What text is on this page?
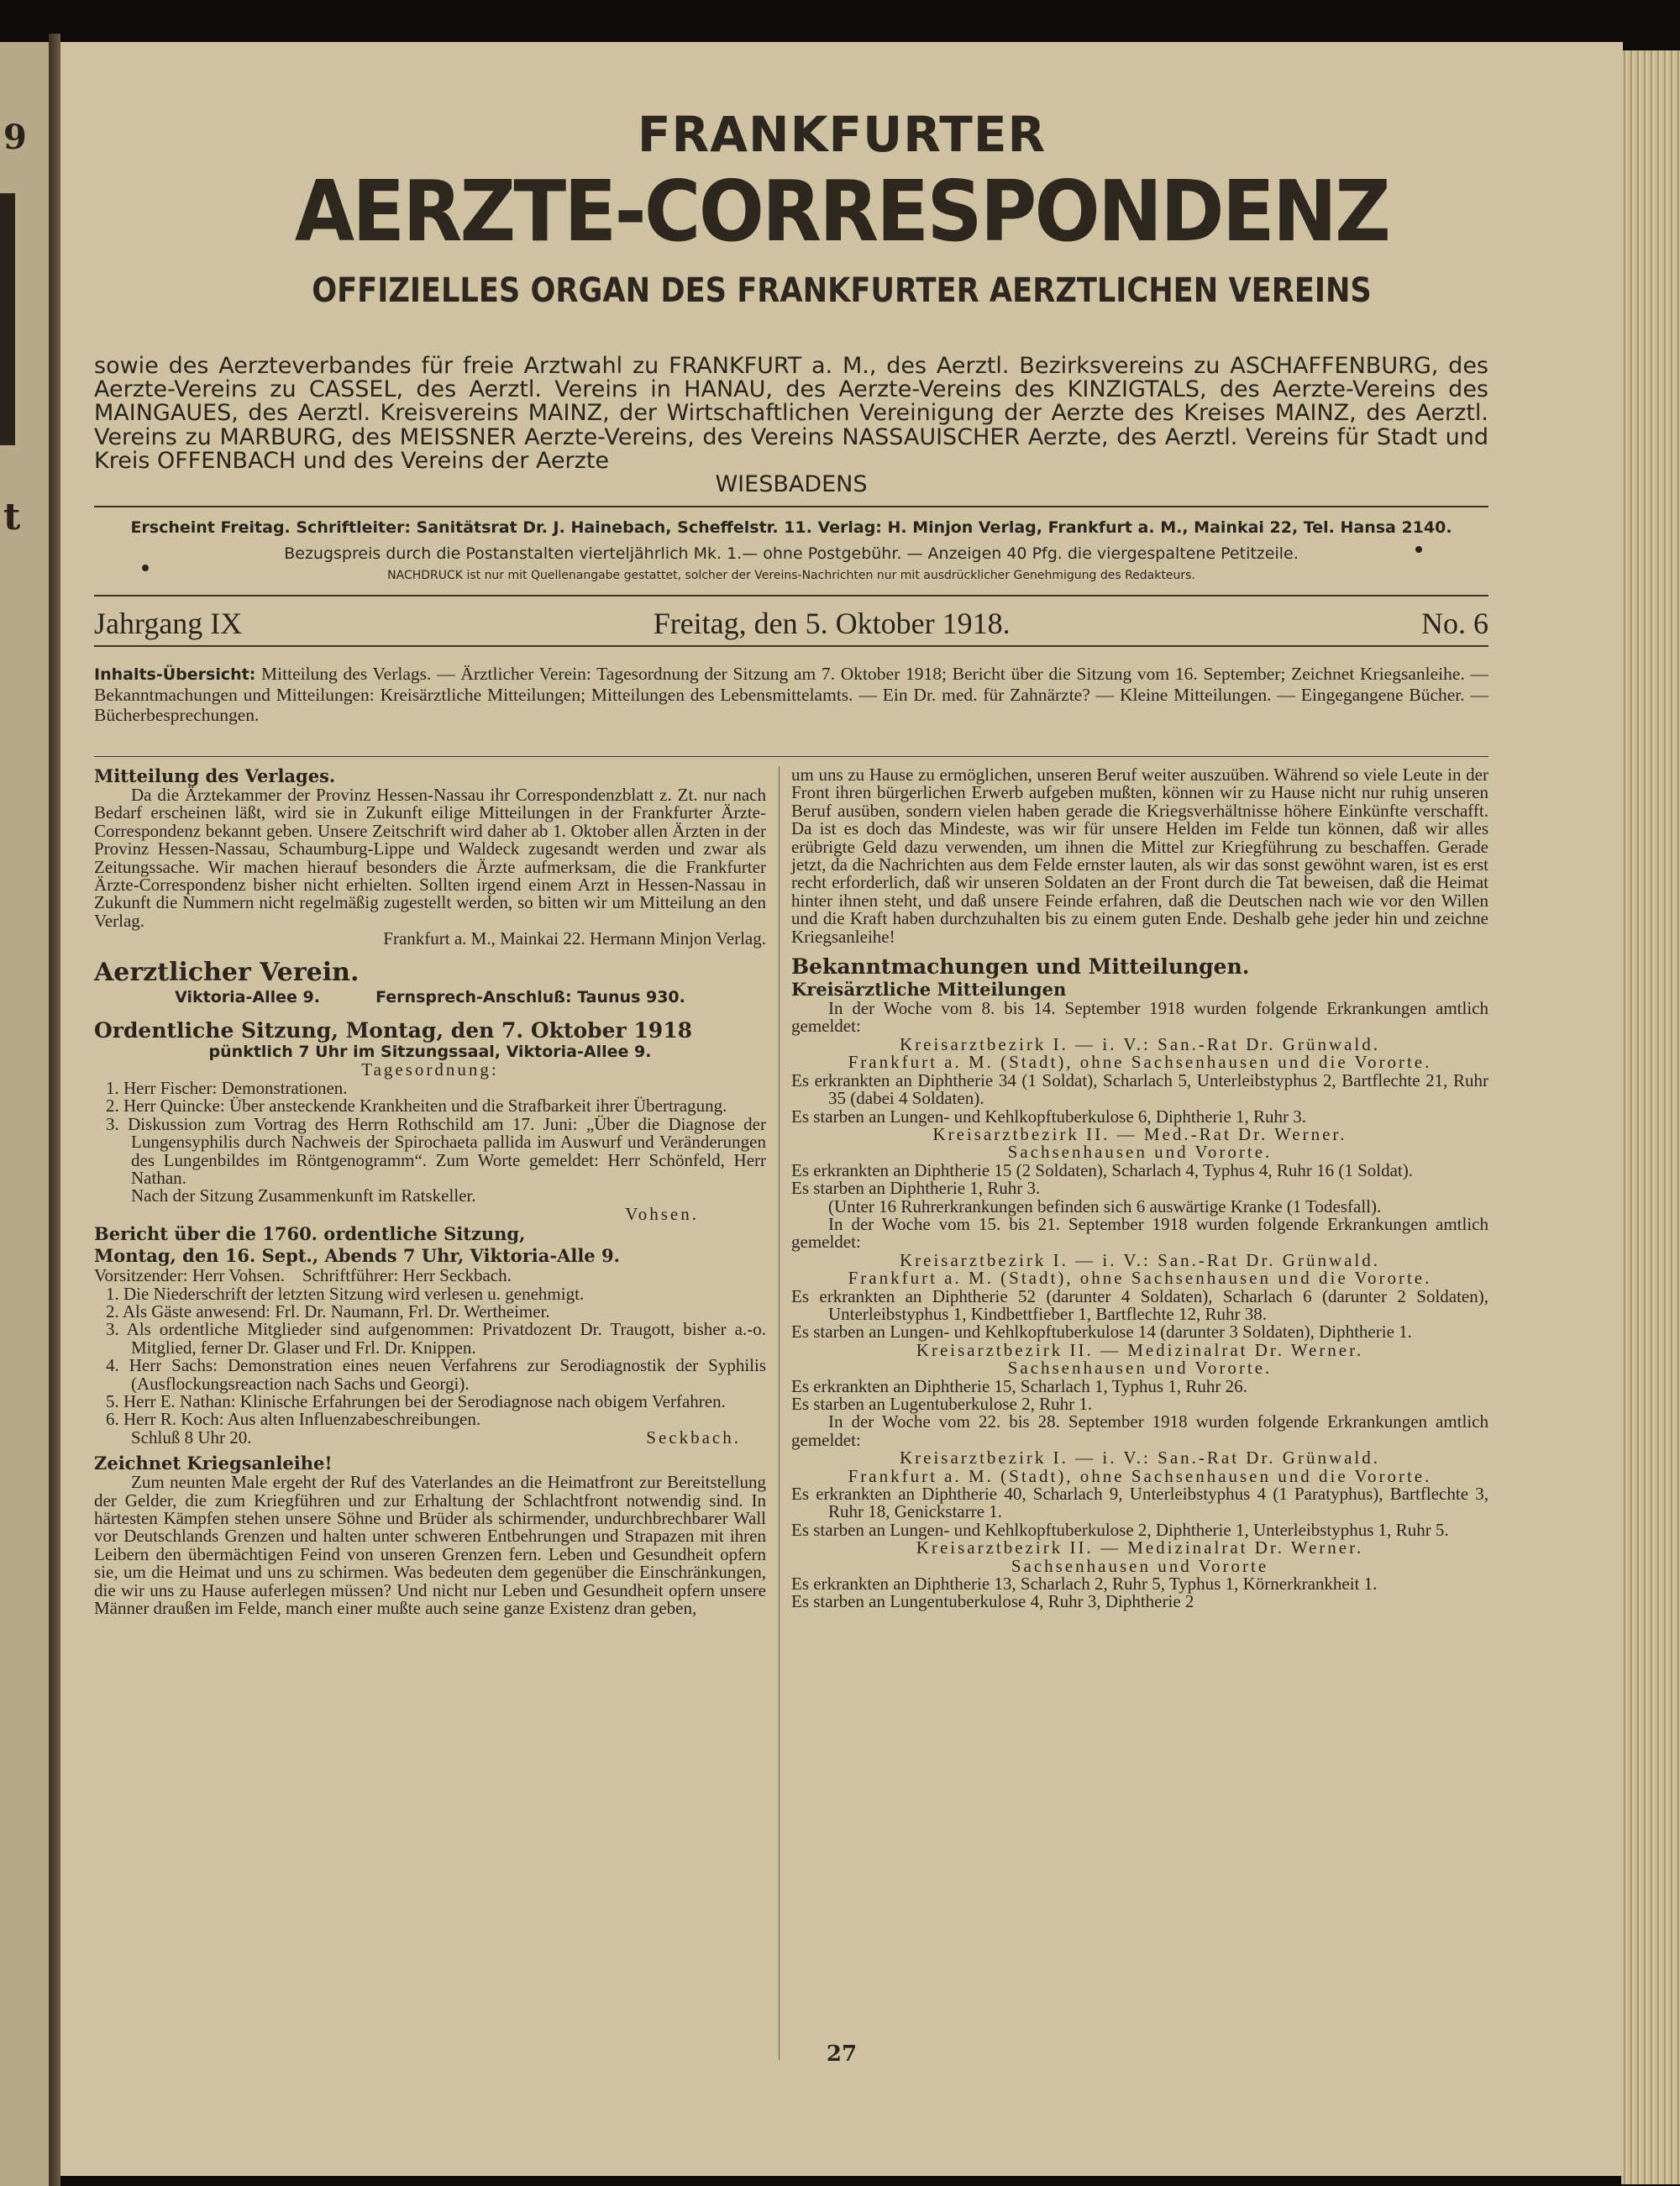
9
t
FRANKFURTER
AERZTE-CORRESPONDENZ
OFFIZIELLES ORGAN DES FRANKFURTER AERZTLICHEN VEREINS
sowie des Aerzteverbandes für freie Arztwahl zu FRANKFURT a. M., des Aerztl. Bezirksvereins zu ASCHAFFENBURG, des Aerzte-Vereins zu CASSEL, des Aerztl. Vereins in HANAU, des Aerzte-Vereins des KINZIGTALS, des Aerzte-Vereins des MAINGAUES, des Aerztl. Kreisvereins MAINZ, der Wirtschaftlichen Vereinigung der Aerzte des Kreises MAINZ, des Aerztl. Vereins zu MARBURG, des MEISSNER Aerzte-Vereins, des Vereins NASSAUISCHER Aerzte, des Aerztl. Vereins für Stadt und Kreis OFFENBACH und des Vereins der Aerzte
WIESBADENS
Erscheint Freitag. Schriftleiter: Sanitätsrat Dr. J. Hainebach, Scheffelstr. 11. Verlag: H. Minjon Verlag, Frankfurt a. M., Mainkai 22, Tel. Hansa 2140.
Bezugspreis durch die Postanstalten vierteljährlich Mk. 1.— ohne Postgebühr. — Anzeigen 40 Pfg. die viergespaltene Petitzeile.
NACHDRUCK ist nur mit Quellenangabe gestattet, solcher der Vereins-Nachrichten nur mit ausdrücklicher Genehmigung des Redakteurs.
Jahrgang IX	Freitag, den 5. Oktober 1918.	No. 6
Inhalts-Übersicht: Mitteilung des Verlags. — Ärztlicher Verein: Tagesordnung der Sitzung am 7. Oktober 1918; Bericht über die Sitzung vom 16. September; Zeichnet Kriegsanleihe. — Bekanntmachungen und Mitteilungen: Kreisärztliche Mitteilungen; Mitteilungen des Lebensmittelamts. — Ein Dr. med. für Zahnärzte? — Kleine Mitteilungen. — Eingegangene Bücher. — Bücherbesprechungen.

Mitteilung des Verlages.

Da die Ärztekammer der Provinz Hessen-Nassau ihr Correspondenzblatt z. Zt. nur nach Bedarf erscheinen läßt, wird sie in Zukunft eilige Mitteilungen in der Frankfurter Ärzte-Correspondenz bekannt geben. Unsere Zeitschrift wird daher ab 1. Oktober allen Ärzten in der Provinz Hessen-Nassau, Schaumburg-Lippe und Waldeck zugesandt werden und zwar als Zeitungssache. Wir machen hierauf besonders die Ärzte aufmerksam, die die Frankfurter Ärzte-Correspondenz bisher nicht erhielten. Sollten irgend einem Arzt in Hessen-Nassau in Zukunft die Nummern nicht regelmäßig zugestellt werden, so bitten wir um Mitteilung an den Verlag.

Frankfurt a. M., Mainkai 22. Hermann Minjon Verlag.

Aerztlicher Verein.

Viktoria-Allee 9.          Fernsprech-Anschluß: Taunus 930.

Ordentliche Sitzung, Montag, den 7. Oktober 1918

pünktlich 7 Uhr im Sitzungssaal, Viktoria-Allee 9.

Tagesordnung:

1. Herr Fischer: Demonstrationen.

2. Herr Quincke: Über ansteckende Krankheiten und die Strafbarkeit ihrer Übertragung.

3. Diskussion zum Vortrag des Herrn Rothschild am 17. Juni: „Über die Diagnose der Lungensyphilis durch Nachweis der Spirochaeta pallida im Auswurf und Veränderungen des Lungenbildes im Röntgenogramm“. Zum Worte gemeldet: Herr Schönfeld, Herr Nathan.

Nach der Sitzung Zusammenkunft im Ratskeller.

Vohsen.

Bericht über die 1760. ordentliche Sitzung,

Montag, den 16. Sept., Abends 7 Uhr, Viktoria-Alle 9.

Vorsitzender: Herr Vohsen.    Schriftführer: Herr Seckbach.

1. Die Niederschrift der letzten Sitzung wird verlesen u. genehmigt.

2. Als Gäste anwesend: Frl. Dr. Naumann, Frl. Dr. Wertheimer.

3. Als ordentliche Mitglieder sind aufgenommen: Privatdozent Dr. Traugott, bisher a.-o. Mitglied, ferner Dr. Glaser und Frl. Dr. Knippen.

4. Herr Sachs: Demonstration eines neuen Verfahrens zur Serodiagnostik der Syphilis (Ausflockungsreaction nach Sachs und Georgi).

5. Herr E. Nathan: Klinische Erfahrungen bei der Serodiagnose nach obigem Verfahren.

6. Herr R. Koch: Aus alten Influenzabeschreibungen.

Schluß 8 Uhr 20.	Seckbach.

Zeichnet Kriegsanleihe!

Zum neunten Male ergeht der Ruf des Vaterlandes an die Heimatfront zur Bereitstellung der Gelder, die zum Kriegführen und zur Erhaltung der Schlachtfront notwendig sind. In härtesten Kämpfen stehen unsere Söhne und Brüder als schirmender, undurchbrechbarer Wall vor Deutschlands Grenzen und halten unter schweren Entbehrungen und Strapazen mit ihren Leibern den übermächtigen Feind von unseren Grenzen fern. Leben und Gesundheit opfern sie, um die Heimat und uns zu schirmen. Was bedeuten dem gegenüber die Einschränkungen, die wir uns zu Hause auferlegen müssen? Und nicht nur Leben und Gesundheit opfern unsere Männer draußen im Felde, manch einer mußte auch seine ganze Existenz dran geben,

um uns zu Hause zu ermöglichen, unseren Beruf weiter auszuüben. Während so viele Leute in der Front ihren bürgerlichen Erwerb aufgeben mußten, können wir zu Hause nicht nur ruhig unseren Beruf ausüben, sondern vielen haben gerade die Kriegsverhältnisse höhere Einkünfte verschafft. Da ist es doch das Mindeste, was wir für unsere Helden im Felde tun können, daß wir alles erübrigte Geld dazu verwenden, um ihnen die Mittel zur Kriegführung zu beschaffen. Gerade jetzt, da die Nachrichten aus dem Felde ernster lauten, als wir das sonst gewöhnt waren, ist es erst recht erforderlich, daß wir unseren Soldaten an der Front durch die Tat beweisen, daß die Heimat hinter ihnen steht, und daß unsere Feinde erfahren, daß die Deutschen nach wie vor den Willen und die Kraft haben durchzuhalten bis zu einem guten Ende. Deshalb gehe jeder hin und zeichne Kriegsanleihe!

Bekanntmachungen und Mitteilungen.

Kreisärztliche Mitteilungen

In der Woche vom 8. bis 14. September 1918 wurden folgende Erkrankungen amtlich gemeldet:

Kreisarztbezirk I. — i. V.: San.-Rat Dr. Grünwald.

Frankfurt a. M. (Stadt), ohne Sachsenhausen und die Vororte.

Es erkrankten an Diphtherie 34 (1 Soldat), Scharlach 5, Unterleibstyphus 2, Bartflechte 21, Ruhr 35 (dabei 4 Soldaten).

Es starben an Lungen- und Kehlkopftuberkulose 6, Diphtherie 1, Ruhr 3.

Kreisarztbezirk II. — Med.-Rat Dr. Werner.

Sachsenhausen und Vororte.

Es erkrankten an Diphtherie 15 (2 Soldaten), Scharlach 4, Typhus 4, Ruhr 16 (1 Soldat).

Es starben an Diphtherie 1, Ruhr 3.

(Unter 16 Ruhrerkrankungen befinden sich 6 auswärtige Kranke (1 Todesfall).

In der Woche vom 15. bis 21. September 1918 wurden folgende Erkrankungen amtlich gemeldet:

Kreisarztbezirk I. — i. V.: San.-Rat Dr. Grünwald.

Frankfurt a. M. (Stadt), ohne Sachsenhausen und die Vororte.

Es erkrankten an Diphtherie 52 (darunter 4 Soldaten), Scharlach 6 (darunter 2 Soldaten), Unterleibstyphus 1, Kindbettfieber 1, Bartflechte 12, Ruhr 38.

Es starben an Lungen- und Kehlkopftuberkulose 14 (darunter 3 Soldaten), Diphtherie 1.

Kreisarztbezirk II. — Medizinalrat Dr. Werner.

Sachsenhausen und Vororte.

Es erkrankten an Diphtherie 15, Scharlach 1, Typhus 1, Ruhr 26.

Es starben an Lugentuberkulose 2, Ruhr 1.

In der Woche vom 22. bis 28. September 1918 wurden folgende Erkrankungen amtlich gemeldet:

Kreisarztbezirk I. — i. V.: San.-Rat Dr. Grünwald.

Frankfurt a. M. (Stadt), ohne Sachsenhausen und die Vororte.

Es erkrankten an Diphtherie 40, Scharlach 9, Unterleibstyphus 4 (1 Paratyphus), Bartflechte 3, Ruhr 18, Genickstarre 1.

Es starben an Lungen- und Kehlkopftuberkulose 2, Diphtherie 1, Unterleibstyphus 1, Ruhr 5.

Kreisarztbezirk II. — Medizinalrat Dr. Werner.

Sachsenhausen und Vororte

Es erkrankten an Diphtherie 13, Scharlach 2, Ruhr 5, Typhus 1, Körnerkrankheit 1.

Es starben an Lungentuberkulose 4, Ruhr 3, Diphtherie 2

27
